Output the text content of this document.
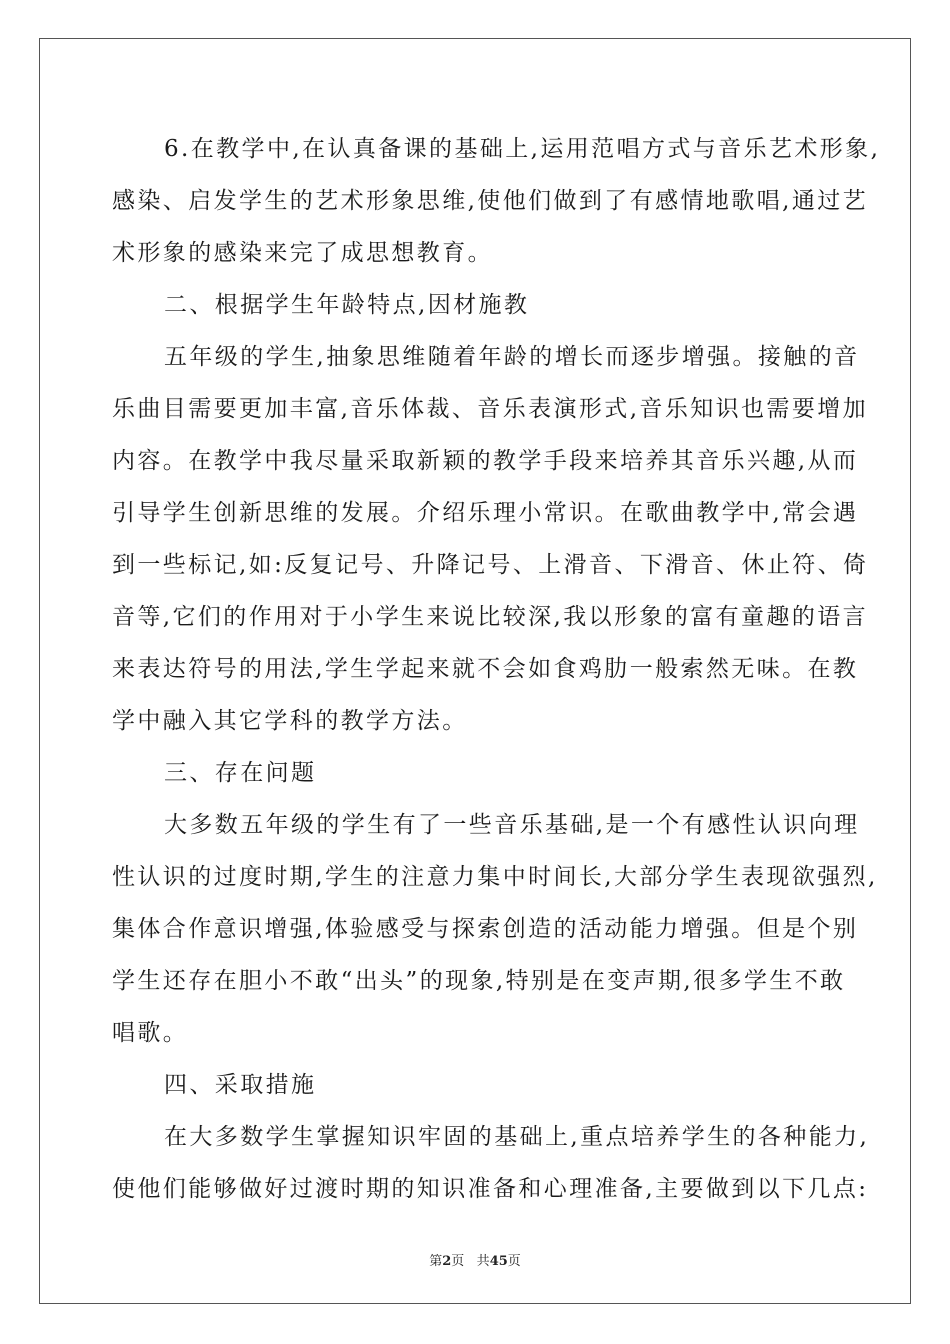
6.在教学中,在认真备课的基础上,运用范唱方式与音乐艺术形象,
感染、启发学生的艺术形象思维,使他们做到了有感情地歌唱,通过艺
术形象的感染来完了成思想教育。
二、根据学生年龄特点,因材施教
五年级的学生,抽象思维随着年龄的增长而逐步增强。接触的音
乐曲目需要更加丰富,音乐体裁、音乐表演形式,音乐知识也需要增加
内容。在教学中我尽量采取新颖的教学手段来培养其音乐兴趣,从而
引导学生创新思维的发展。介绍乐理小常识。在歌曲教学中,常会遇
到一些标记,如:反复记号、升降记号、上滑音、下滑音、休止符、倚
音等,它们的作用对于小学生来说比较深,我以形象的富有童趣的语言
来表达符号的用法,学生学起来就不会如食鸡肋一般索然无味。在教
学中融入其它学科的教学方法。
三、存在问题
大多数五年级的学生有了一些音乐基础,是一个有感性认识向理
性认识的过度时期,学生的注意力集中时间长,大部分学生表现欲强烈,
集体合作意识增强,体验感受与探索创造的活动能力增强。但是个别
学生还存在胆小不敢“出头”的现象,特别是在变声期,很多学生不敢
唱歌。
四、采取措施
在大多数学生掌握知识牢固的基础上,重点培养学生的各种能力,
使他们能够做好过渡时期的知识准备和心理准备,主要做到以下几点:
第2页 共45页
